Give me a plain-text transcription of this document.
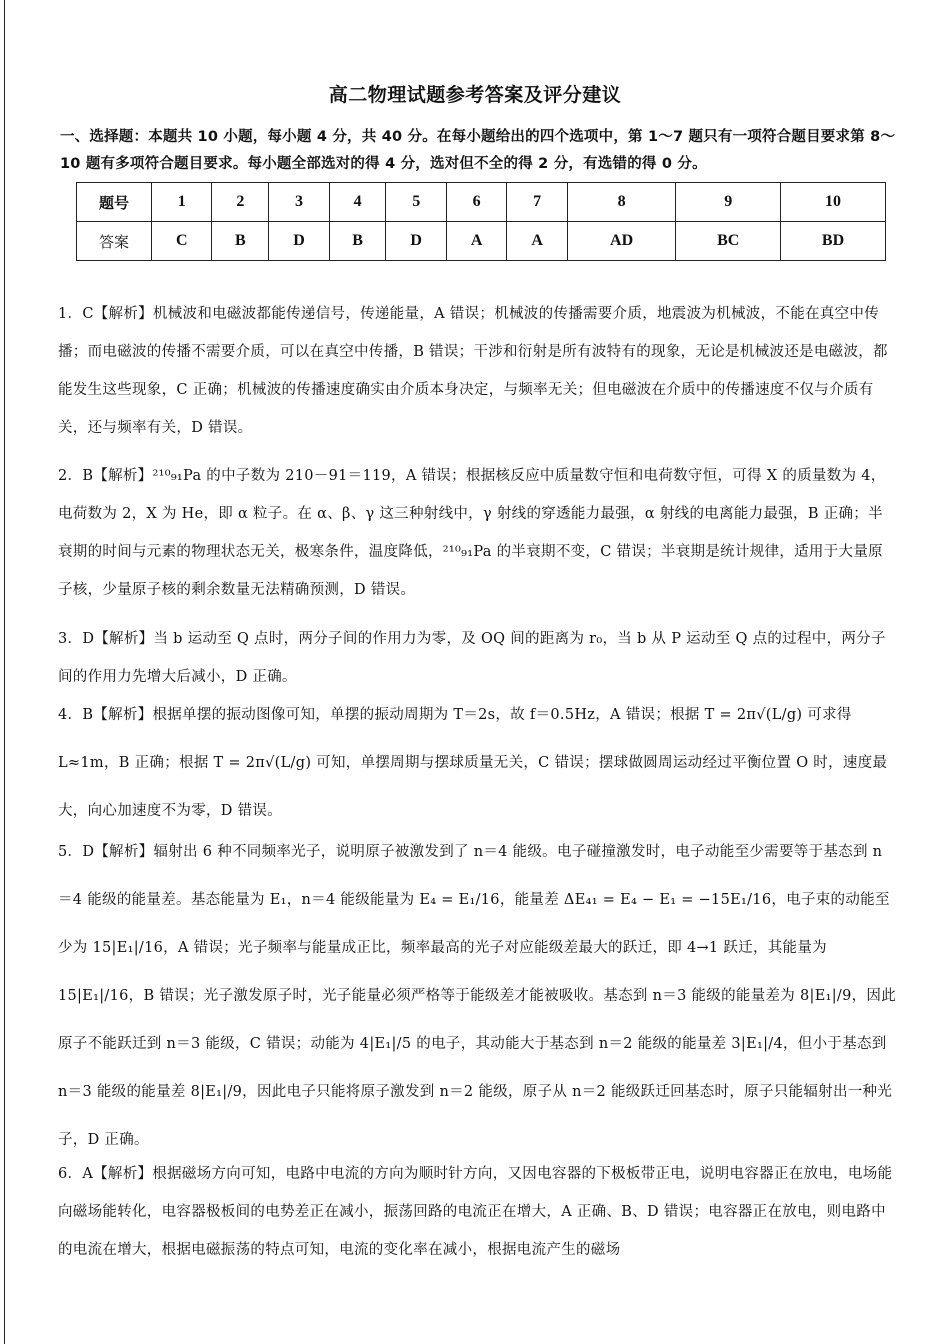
高二物理试题参考答案及评分建议
一、选择题：本题共 10 小题，每小题 4 分，共 40 分。在每小题给出的四个选项中，第 1～7 题只有一项符合题目要求第 8～10 题有多项符合题目要求。每小题全部选对的得 4 分，选对但不全的得 2 分，有选错的得 0 分。
题号	1	2	3	4	5	6	7	8	9	10
答案	C	B	D	B	D	A	A	AD	BC	BD
1．C【解析】机械波和电磁波都能传递信号，传递能量，A 错误；机械波的传播需要介质，地震波为机械波，不能在真空中传播；而电磁波的传播不需要介质，可以在真空中传播，B 错误；干涉和衍射是所有波特有的现象，无论是机械波还是电磁波，都能发生这些现象，C 正确；机械波的传播速度确实由介质本身决定，与频率无关；但电磁波在介质中的传播速度不仅与介质有关，还与频率有关，D 错误。
2．B【解析】²¹⁰₉₁Pa 的中子数为 210－91＝119，A 错误；根据核反应中质量数守恒和电荷数守恒，可得 X 的质量数为 4，电荷数为 2，X 为 He，即 α 粒子。在 α、β、γ 这三种射线中，γ 射线的穿透能力最强，α 射线的电离能力最强，B 正确；半衰期的时间与元素的物理状态无关，极寒条件，温度降低，²¹⁰₉₁Pa 的半衰期不变，C 错误；半衰期是统计规律，适用于大量原子核，少量原子核的剩余数量无法精确预测，D 错误。
3．D【解析】当 b 运动至 Q 点时，两分子间的作用力为零，及 OQ 间的距离为 r₀，当 b 从 P 运动至 Q 点的过程中，两分子间的作用力先增大后减小，D 正确。
4．B【解析】根据单摆的振动图像可知，单摆的振动周期为 T＝2s，故 f＝0.5Hz，A 错误；根据 T = 2π√(L/g) 可求得 L≈1m，B 正确；根据 T = 2π√(L/g) 可知，单摆周期与摆球质量无关，C 错误；摆球做圆周运动经过平衡位置 O 时，速度最大，向心加速度不为零，D 错误。
5．D【解析】辐射出 6 种不同频率光子，说明原子被激发到了 n＝4 能级。电子碰撞激发时，电子动能至少需要等于基态到 n＝4 能级的能量差。基态能量为 E₁，n＝4 能级能量为 E₄ = E₁/16，能量差 ΔE₄₁ = E₄ − E₁ = −15E₁/16，电子束的动能至少为 15|E₁|/16，A 错误；光子频率与能量成正比，频率最高的光子对应能级差最大的跃迁，即 4→1 跃迁，其能量为 15|E₁|/16，B 错误；光子激发原子时，光子能量必须严格等于能级差才能被吸收。基态到 n＝3 能级的能量差为 8|E₁|/9，因此原子不能跃迁到 n＝3 能级，C 错误；动能为 4|E₁|/5 的电子，其动能大于基态到 n＝2 能级的能量差 3|E₁|/4，但小于基态到 n＝3 能级的能量差 8|E₁|/9，因此电子只能将原子激发到 n＝2 能级，原子从 n＝2 能级跃迁回基态时，原子只能辐射出一种光子，D 正确。
6．A【解析】根据磁场方向可知，电路中电流的方向为顺时针方向，又因电容器的下极板带正电，说明电容器正在放电，电场能向磁场能转化，电容器极板间的电势差正在减小，振荡回路的电流正在增大，A 正确、B、D 错误；电容器正在放电，则电路中的电流在增大，根据电磁振荡的特点可知，电流的变化率在减小，根据电流产生的磁场
